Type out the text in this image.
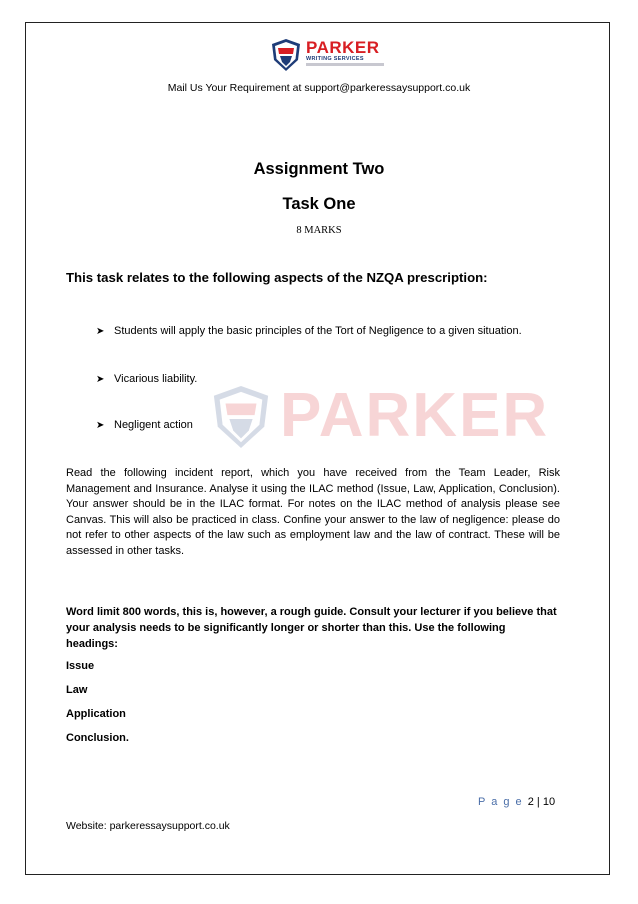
PARKER
WRITING SERVICES
Mail Us Your Requirement at support@parkeressaysupport.co.uk
Assignment Two
Task One
8 MARKS
This task relates to the following aspects of the NZQA prescription:
PARKER
➤ Students will apply the basic principles of the Tort of Negligence to a given situation.
➤ Vicarious liability.
➤ Negligent action
Read the following incident report, which you have received from the Team Leader, Risk Management and Insurance. Analyse it using the ILAC method (Issue, Law, Application, Conclusion). Your answer should be in the ILAC format. For notes on the ILAC method of analysis please see Canvas. This will also be practiced in class. Confine your answer to the law of negligence: please do not refer to other aspects of the law such as employment law and the law of contract. These will be assessed in other tasks.
Word limit 800 words, this is, however, a rough guide. Consult your lecturer if you believe that your analysis needs to be significantly longer or shorter than this. Use the following headings:
Issue
Law
Application
Conclusion.
P a g e 2 | 10
Website: parkeressaysupport.co.uk
